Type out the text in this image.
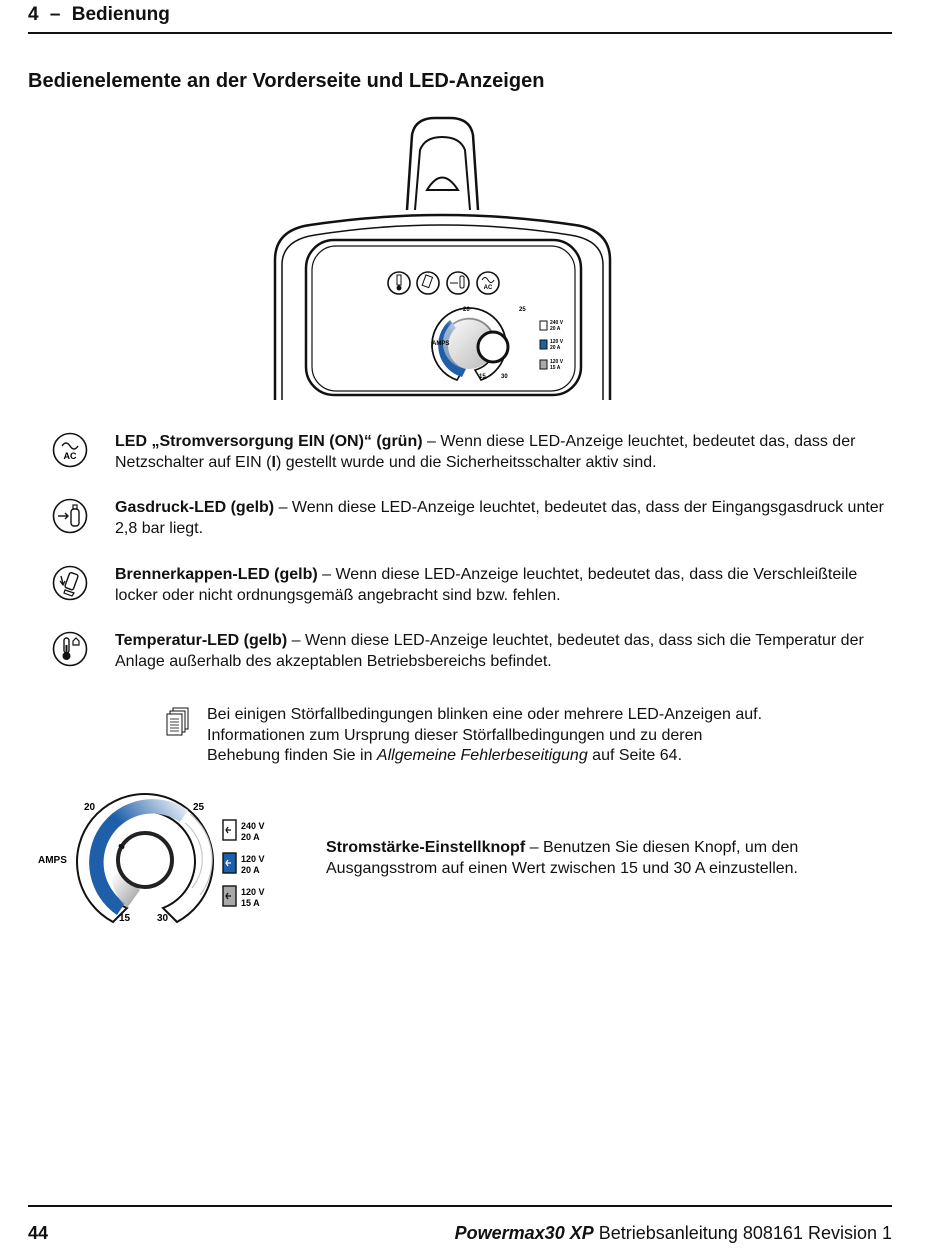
4 – Bedienung
Bedienelemente an der Vorderseite und LED-Anzeigen
AC
20	25
AMPS
15	30
240 V
20 A
120 V
20 A
120 V
15 A
AC
LED „Stromversorgung EIN (ON)“ (grün) – Wenn diese LED-Anzeige leuchtet, bedeutet das, dass der Netzschalter auf EIN (I) gestellt wurde und die Sicherheitsschalter aktiv sind.
Gasdruck-LED (gelb) – Wenn diese LED-Anzeige leuchtet, bedeutet das, dass der Eingangsgasdruck unter 2,8 bar liegt.
Brennerkappen-LED (gelb) – Wenn diese LED-Anzeige leuchtet, bedeutet das, dass die Verschleißteile locker oder nicht ordnungsgemäß angebracht sind bzw. fehlen.
Temperatur-LED (gelb) – Wenn diese LED-Anzeige leuchtet, bedeutet das, dass sich die Temperatur der Anlage außerhalb des akzeptablen Betriebsbereichs befindet.
Bei einigen Störfallbedingungen blinken eine oder mehrere LED-Anzeigen auf. Informationen zum Ursprung dieser Störfallbedingungen und zu deren Behebung finden Sie in Allgemeine Fehlerbeseitigung auf Seite 64.
20	25
AMPS
15	30
240 V
20 A
120 V
20 A
120 V
15 A
Stromstärke-Einstellknopf – Benutzen Sie diesen Knopf, um den Ausgangsstrom auf einen Wert zwischen 15 und 30 A einzustellen.
44	Powermax30 XP Betriebsanleitung 808161 Revision 1
